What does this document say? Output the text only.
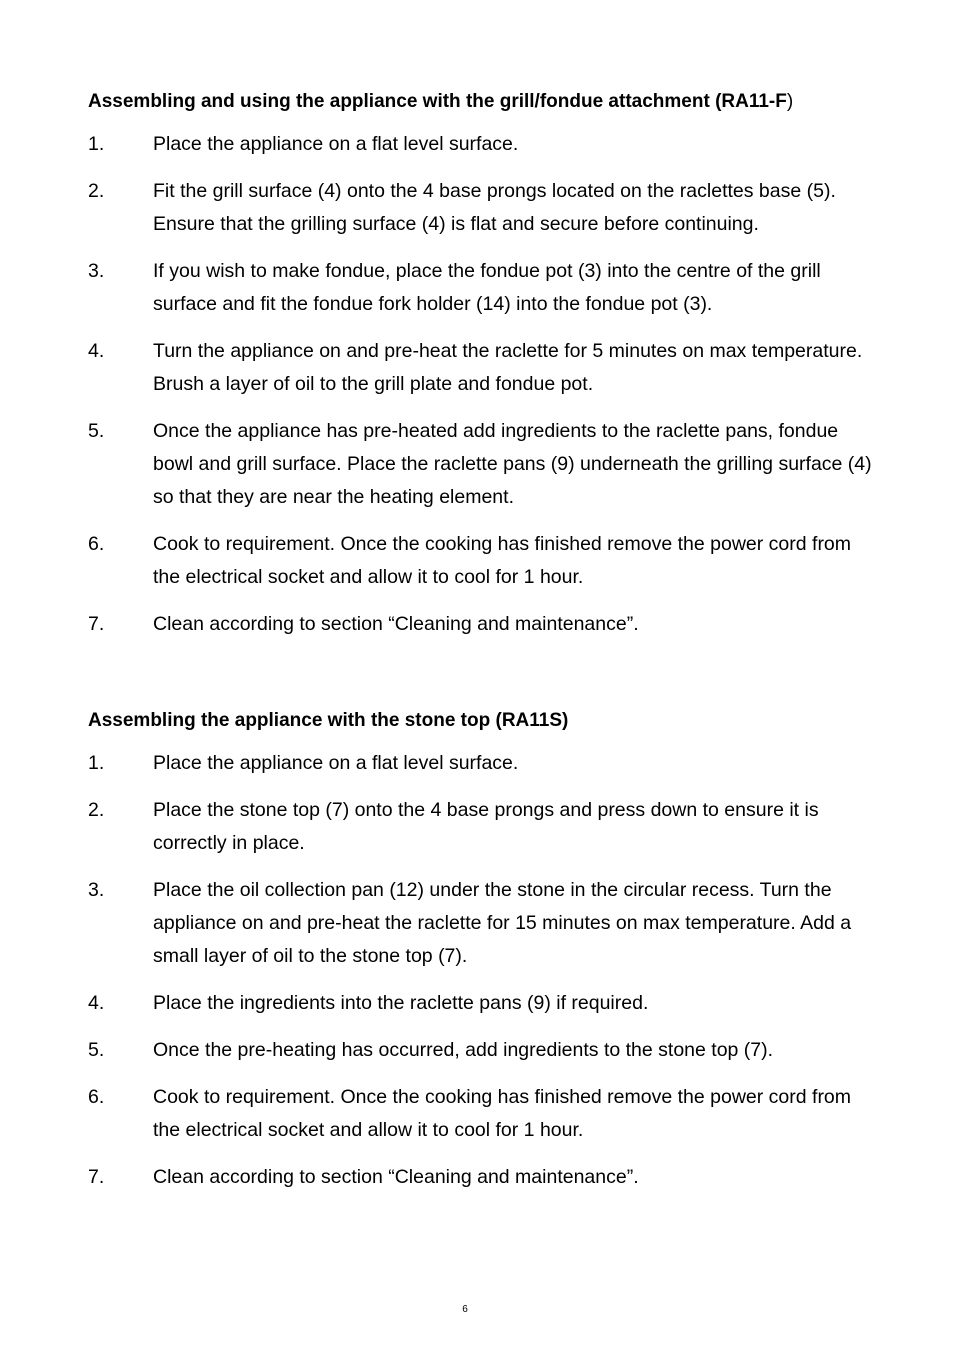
Assembling and using the appliance with the grill/fondue attachment (RA11-F)
1.	Place the appliance on a flat level surface.
2.	Fit the grill surface (4) onto the 4 base prongs located on the raclettes base (5). Ensure that the grilling surface (4) is flat and secure before continuing.
3.	If you wish to make fondue, place the fondue pot (3) into the centre of the grill surface and fit the fondue fork holder (14) into the fondue pot (3).
4.	Turn the appliance on and pre-heat the raclette for 5 minutes on max temperature. Brush a layer of oil to the grill plate and fondue pot.
5.	Once the appliance has pre-heated add ingredients to the raclette pans, fondue bowl and grill surface. Place the raclette pans (9) underneath the grilling surface (4) so that they are near the heating element.
6.	Cook to requirement. Once the cooking has finished remove the power cord from the electrical socket and allow it to cool for 1 hour.
7.	Clean according to section “Cleaning and maintenance”.
Assembling the appliance with the stone top (RA11S)
1.	Place the appliance on a flat level surface.
2.	Place the stone top (7) onto the 4 base prongs and press down to ensure it is correctly in place.
3.	Place the oil collection pan (12) under the stone in the circular recess. Turn the appliance on and pre-heat the raclette for 15 minutes on max temperature. Add a small layer of oil to the stone top (7).
4.	Place the ingredients into the raclette pans (9) if required.
5.	Once the pre-heating has occurred, add ingredients to the stone top (7).
6.	Cook to requirement. Once the cooking has finished remove the power cord from the electrical socket and allow it to cool for 1 hour.
7.	Clean according to section “Cleaning and maintenance”.
6
